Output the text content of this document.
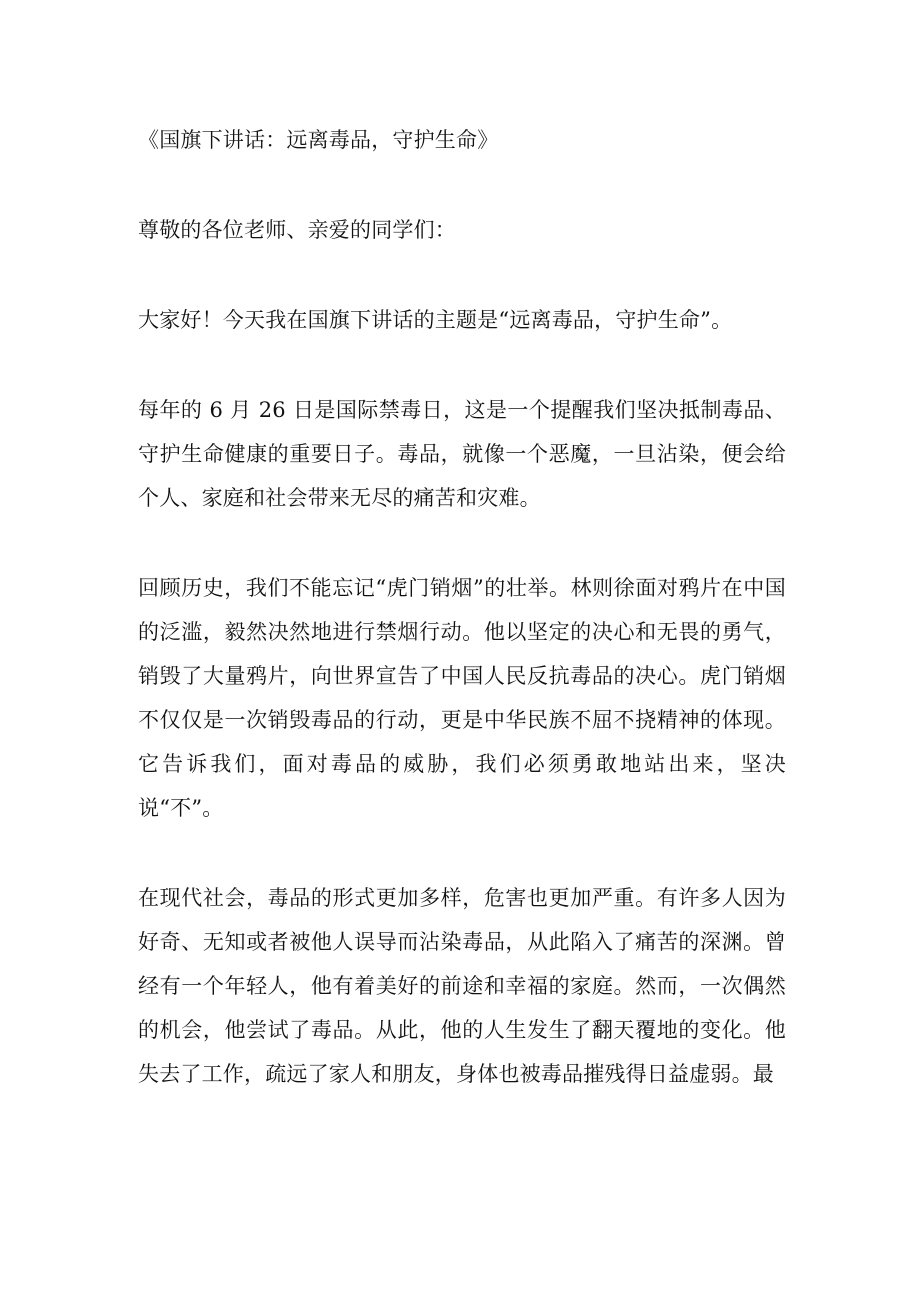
《国旗下讲话：远离毒品，守护生命》

尊敬的各位老师、亲爱的同学们：

大家好！今天我在国旗下讲话的主题是“远离毒品，守护生命”。

每年的 6 月 26 日是国际禁毒日，这是一个提醒我们坚决抵制毒品、守护生命健康的重要日子。毒品，就像一个恶魔，一旦沾染，便会给个人、家庭和社会带来无尽的痛苦和灾难。

回顾历史，我们不能忘记“虎门销烟”的壮举。林则徐面对鸦片在中国的泛滥，毅然决然地进行禁烟行动。他以坚定的决心和无畏的勇气，销毁了大量鸦片，向世界宣告了中国人民反抗毒品的决心。虎门销烟不仅仅是一次销毁毒品的行动，更是中华民族不屈不挠精神的体现。它告诉我们，面对毒品的威胁，我们必须勇敢地站出来，坚决说“不”。

在现代社会，毒品的形式更加多样，危害也更加严重。有许多人因为好奇、无知或者被他人误导而沾染毒品，从此陷入了痛苦的深渊。曾经有一个年轻人，他有着美好的前途和幸福的家庭。然而，一次偶然的机会，他尝试了毒品。从此，他的人生发生了翻天覆地的变化。他失去了工作，疏远了家人和朋友，身体也被毒品摧残得日益虚弱。最
